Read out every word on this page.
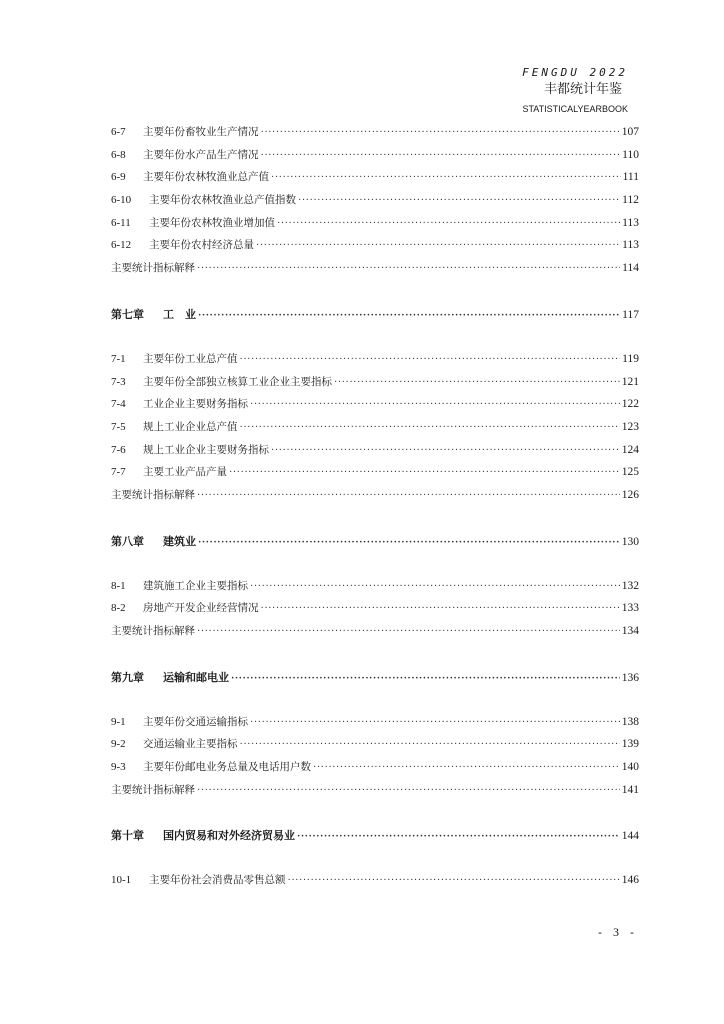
FENGDU 2022
丰都统计年鉴
STATISTICALYEARBOOK
6-7	主要年份畜牧业生产情况 ·····	107
6-8	主要年份水产品生产情况 ·····	110
6-9	主要年份农林牧渔业总产值 ·····	111
6-10	主要年份农林牧渔业总产值指数 ·····	112
6-11	主要年份农林牧渔业增加值 ·····	113
6-12	主要年份农村经济总量 ·····	113
主要统计指标解释 ·····	114
第七章	工　业 ·····	117
7-1	主要年份工业总产值 ·····	119
7-3	主要年份全部独立核算工业企业主要指标 ·····	121
7-4	工业企业主要财务指标 ·····	122
7-5	规上工业企业总产值 ·····	123
7-6	规上工业企业主要财务指标 ·····	124
7-7	主要工业产品产量 ·····	125
主要统计指标解释 ·····	126
第八章	建筑业 ·····	130
8-1	建筑施工企业主要指标 ·····	132
8-2	房地产开发企业经营情况 ·····	133
主要统计指标解释 ·····	134
第九章	运输和邮电业 ·····	136
9-1	主要年份交通运输指标 ·····	138
9-2	交通运输业主要指标 ·····	139
9-3	主要年份邮电业务总量及电话用户数 ·····	140
主要统计指标解释 ·····	141
第十章	国内贸易和对外经济贸易业 ·····	144
10-1	主要年份社会消费品零售总额 ·····	146
- 3 -
